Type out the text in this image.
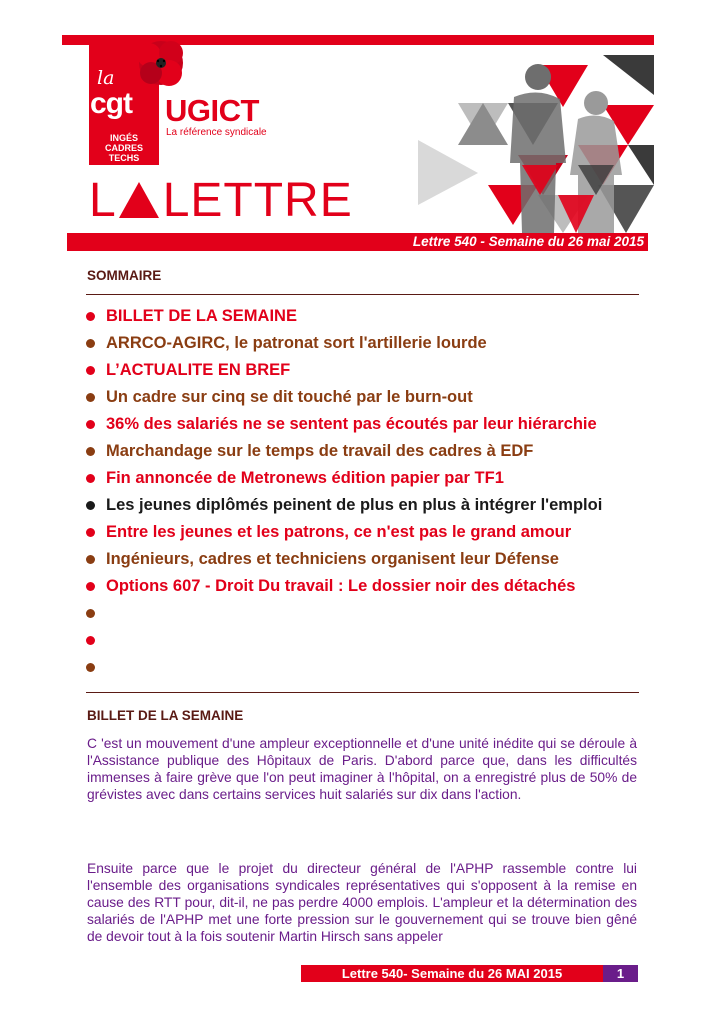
la
cgt
INGÉS
CADRES
TECHS
UGICT
La référence syndicale
L LETTRE
Lettre 540 - Semaine du 26 mai 2015
SOMMAIRE
BILLET DE LA SEMAINE
ARRCO-AGIRC, le patronat sort l'artillerie lourde
L’ACTUALITE EN BREF
Un cadre sur cinq se dit touché par le burn-out
36% des salariés ne se sentent pas écoutés par leur hiérarchie
Marchandage sur le temps de travail des cadres à EDF
Fin annoncée de Metronews édition papier par TF1
Les jeunes diplômés peinent de plus en plus à intégrer l'emploi
Entre les jeunes et les patrons, ce n'est pas le grand amour
Ingénieurs, cadres et techniciens organisent leur Défense
Options 607 - Droit Du travail : Le dossier noir des détachés
BILLET DE LA SEMAINE

C 'est un mouvement d'une ampleur exceptionnelle et d'une unité inédite qui se déroule à l'Assistance publique des Hôpitaux de Paris. D'abord parce que, dans les difficultés immenses à faire grève que l'on peut imaginer à l'hôpital, on a enregistré plus de 50% de grévistes avec dans certains services huit salariés sur dix dans l'action.

Ensuite parce que le projet du directeur général de l'APHP rassemble contre lui l'ensemble des organisations syndicales représentatives qui s'opposent à la remise en cause des RTT pour, dit-il, ne pas perdre 4000 emplois. L'ampleur et la détermination des salariés de l'APHP met une forte pression sur le gouvernement qui se trouve bien gêné de devoir tout à la fois soutenir Martin Hirsch sans appeler

Lettre 540- Semaine du 26 MAI 2015	1
